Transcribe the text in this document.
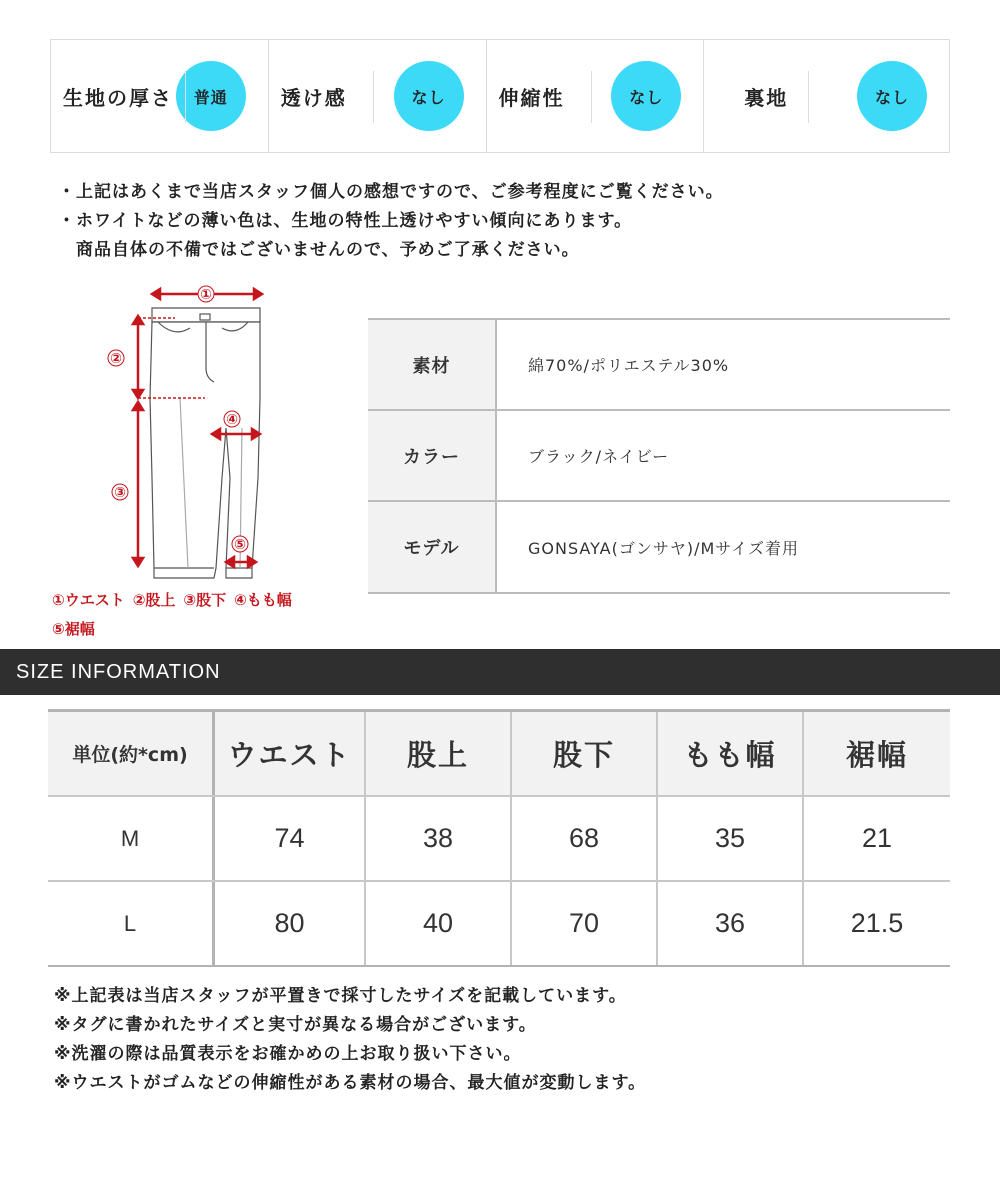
生地の厚さ	普通	透け感	なし	伸縮性	なし	裏地	なし
・上記はあくまで当店スタッフ個人の感想ですので、ご参考程度にご覧ください。
・ホワイトなどの薄い色は、生地の特性上透けやすい傾向にあります。
商品自体の不備ではございませんので、予めご了承ください。
①
②
③
④
⑤
①ウエスト ②股上 ③股下 ④もも幅
⑤裾幅
素材	綿70%/ポリエステル30%
カラー	ブラック/ネイビー
モデル	GONSAYA(ゴンサヤ)/Mサイズ着用
SIZE INFORMATION
単位(約*cm)	ウエスト	股上	股下	もも幅	裾幅
M	74	38	68	35	21
L	80	40	70	36	21.5
※上記表は当店スタッフが平置きで採寸したサイズを記載しています。
※タグに書かれたサイズと実寸が異なる場合がございます。
※洗濯の際は品質表示をお確かめの上お取り扱い下さい。
※ウエストがゴムなどの伸縮性がある素材の場合、最大値が変動します。
